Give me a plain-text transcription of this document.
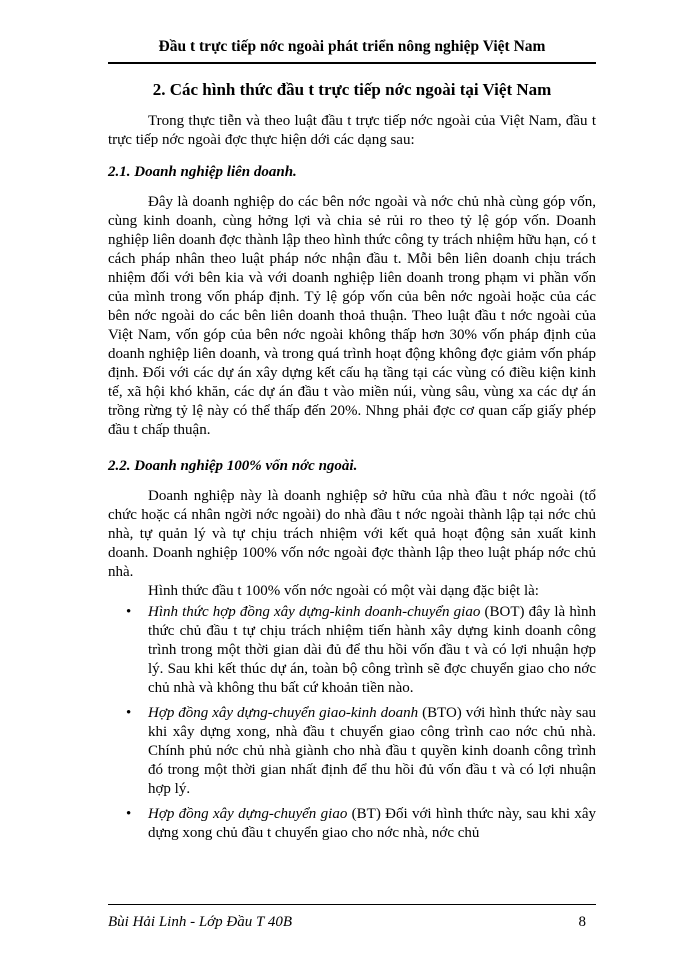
Đầu t trực tiếp nớc ngoài phát triển nông nghiệp Việt Nam
2. Các hình thức đầu t trực tiếp nớc ngoài tại Việt Nam

Trong thực tiễn và theo luật đầu t trực tiếp nớc ngoài của Việt Nam, đầu t trực tiếp nớc ngoài đợc thực hiện dới các dạng sau:

2.1. Doanh nghiệp liên doanh.

Đây là doanh nghiệp do các bên nớc ngoài và nớc chủ nhà cùng góp vốn, cùng kinh doanh, cùng hởng lợi và chia sẻ rủi ro theo tỷ lệ góp vốn. Doanh nghiệp liên doanh đợc thành lập theo hình thức công ty trách nhiệm hữu hạn, có t cách pháp nhân theo luật pháp nớc nhận đầu t. Mỗi bên liên doanh chịu trách nhiệm đối với bên kia và với doanh nghiệp liên doanh trong phạm vi phần vốn của mình trong vốn pháp định. Tỷ lệ góp vốn của bên nớc ngoài hoặc của các bên nớc ngoài do các bên liên doanh thoả thuận. Theo luật đầu t nớc ngoài của Việt Nam, vốn góp của bên nớc ngoài không thấp hơn 30% vốn pháp định của doanh nghiệp liên doanh, và trong quá trình hoạt động không đợc giảm vốn pháp định. Đối với các dự án xây dựng kết cấu hạ tầng tại các vùng có điều kiện kinh tế, xã hội khó khăn, các dự án đầu t vào miền núi, vùng sâu, vùng xa các dự án trồng rừng tỷ lệ này có thể thấp đến 20%. Nhng phải đợc cơ quan cấp giấy phép đầu t chấp thuận.

2.2. Doanh nghiệp 100% vốn nớc ngoài.

Doanh nghiệp này là doanh nghiệp sở hữu của nhà đầu t nớc ngoài (tổ chức hoặc cá nhân ngời nớc ngoài) do nhà đầu t nớc ngoài thành lập tại nớc chủ nhà, tự quản lý và tự chịu trách nhiệm với kết quả hoạt động sản xuất kinh doanh. Doanh nghiệp 100% vốn nớc ngoài đợc thành lập theo luật pháp nớc chủ nhà.

Hình thức đầu t 100% vốn nớc ngoài có một vài dạng đặc biệt là:

• Hình thức hợp đồng xây dựng-kinh doanh-chuyển giao (BOT) đây là hình thức chủ đầu t tự chịu trách nhiệm tiến hành xây dựng kinh doanh công trình trong một thời gian dài đủ để thu hồi vốn đầu t và có lợi nhuận hợp lý. Sau khi kết thúc dự án, toàn bộ công trình sẽ đợc chuyển giao cho nớc chủ nhà và không thu bất cứ khoản tiền nào.
• Hợp đồng xây dựng-chuyển giao-kinh doanh (BTO) với hình thức này sau khi xây dựng xong, nhà đầu t chuyển giao công trình cao nớc chủ nhà. Chính phủ nớc chủ nhà giành cho nhà đầu t quyền kinh doanh công trình đó trong một thời gian nhất định để thu hồi đủ vốn đầu t và có lợi nhuận hợp lý.
• Hợp đồng xây dựng-chuyển giao (BT) Đối với hình thức này, sau khi xây dựng xong chủ đầu t chuyển giao cho nớc nhà, nớc chủ
Bùi Hải Linh - Lớp Đầu T 40B	8
